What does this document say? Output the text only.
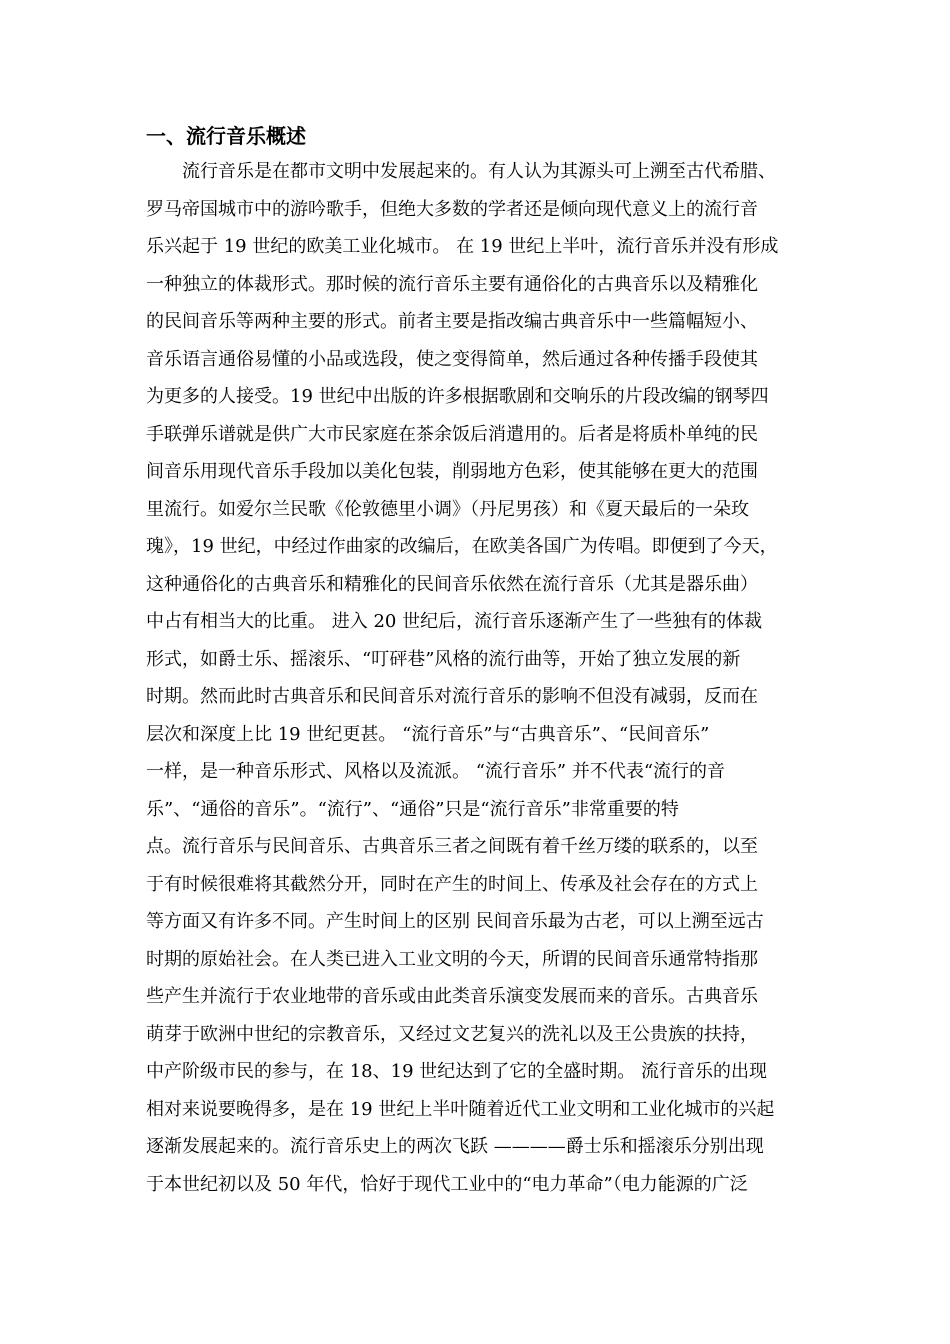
一、流行音乐概述
　　流行音乐是在都市文明中发展起来的。有人认为其源头可上溯至古代希腊、
罗马帝国城市中的游吟歌手，但绝大多数的学者还是倾向现代意义上的流行音
乐兴起于 19 世纪的欧美工业化城市。 在 19 世纪上半叶，流行音乐并没有形成
一种独立的体裁形式。那时候的流行音乐主要有通俗化的古典音乐以及精雅化
的民间音乐等两种主要的形式。前者主要是指改编古典音乐中一些篇幅短小、
音乐语言通俗易懂的小品或选段，使之变得简单，然后通过各种传播手段使其
为更多的人接受。19 世纪中出版的许多根据歌剧和交响乐的片段改编的钢琴四
手联弹乐谱就是供广大市民家庭在茶余饭后消遣用的。后者是将质朴单纯的民
间音乐用现代音乐手段加以美化包装，削弱地方色彩，使其能够在更大的范围
里流行。如爱尔兰民歌《伦敦德里小调》（丹尼男孩）和《夏天最后的一朵玫
瑰》，19 世纪，中经过作曲家的改编后，在欧美各国广为传唱。即便到了今天，
这种通俗化的古典音乐和精雅化的民间音乐依然在流行音乐（尤其是器乐曲）
中占有相当大的比重。 进入 20 世纪后，流行音乐逐渐产生了一些独有的体裁
形式，如爵士乐、摇滚乐、“叮砰巷”风格的流行曲等，开始了独立发展的新
时期。然而此时古典音乐和民间音乐对流行音乐的影响不但没有减弱，反而在
层次和深度上比 19 世纪更甚。 “流行音乐”与“古典音乐”、“民间音乐”
一样，是一种音乐形式、风格以及流派。 “流行音乐” 并不代表“流行的音
乐”、“通俗的音乐”。“流行”、“通俗”只是“流行音乐”非常重要的特
点。流行音乐与民间音乐、古典音乐三者之间既有着千丝万缕的联系的，以至
于有时候很难将其截然分开，同时在产生的时间上、传承及社会存在的方式上
等方面又有许多不同。产生时间上的区别 民间音乐最为古老，可以上溯至远古
时期的原始社会。在人类已进入工业文明的今天，所谓的民间音乐通常特指那
些产生并流行于农业地带的音乐或由此类音乐演变发展而来的音乐。古典音乐
萌芽于欧洲中世纪的宗教音乐，又经过文艺复兴的洗礼以及王公贵族的扶持，
中产阶级市民的参与，在 18、19 世纪达到了它的全盛时期。 流行音乐的出现
相对来说要晚得多，是在 19 世纪上半叶随着近代工业文明和工业化城市的兴起
逐渐发展起来的。流行音乐史上的两次飞跃 ————爵士乐和摇滚乐分别出现
于本世纪初以及 50 年代，恰好于现代工业中的“电力革命”（电力能源的广泛
